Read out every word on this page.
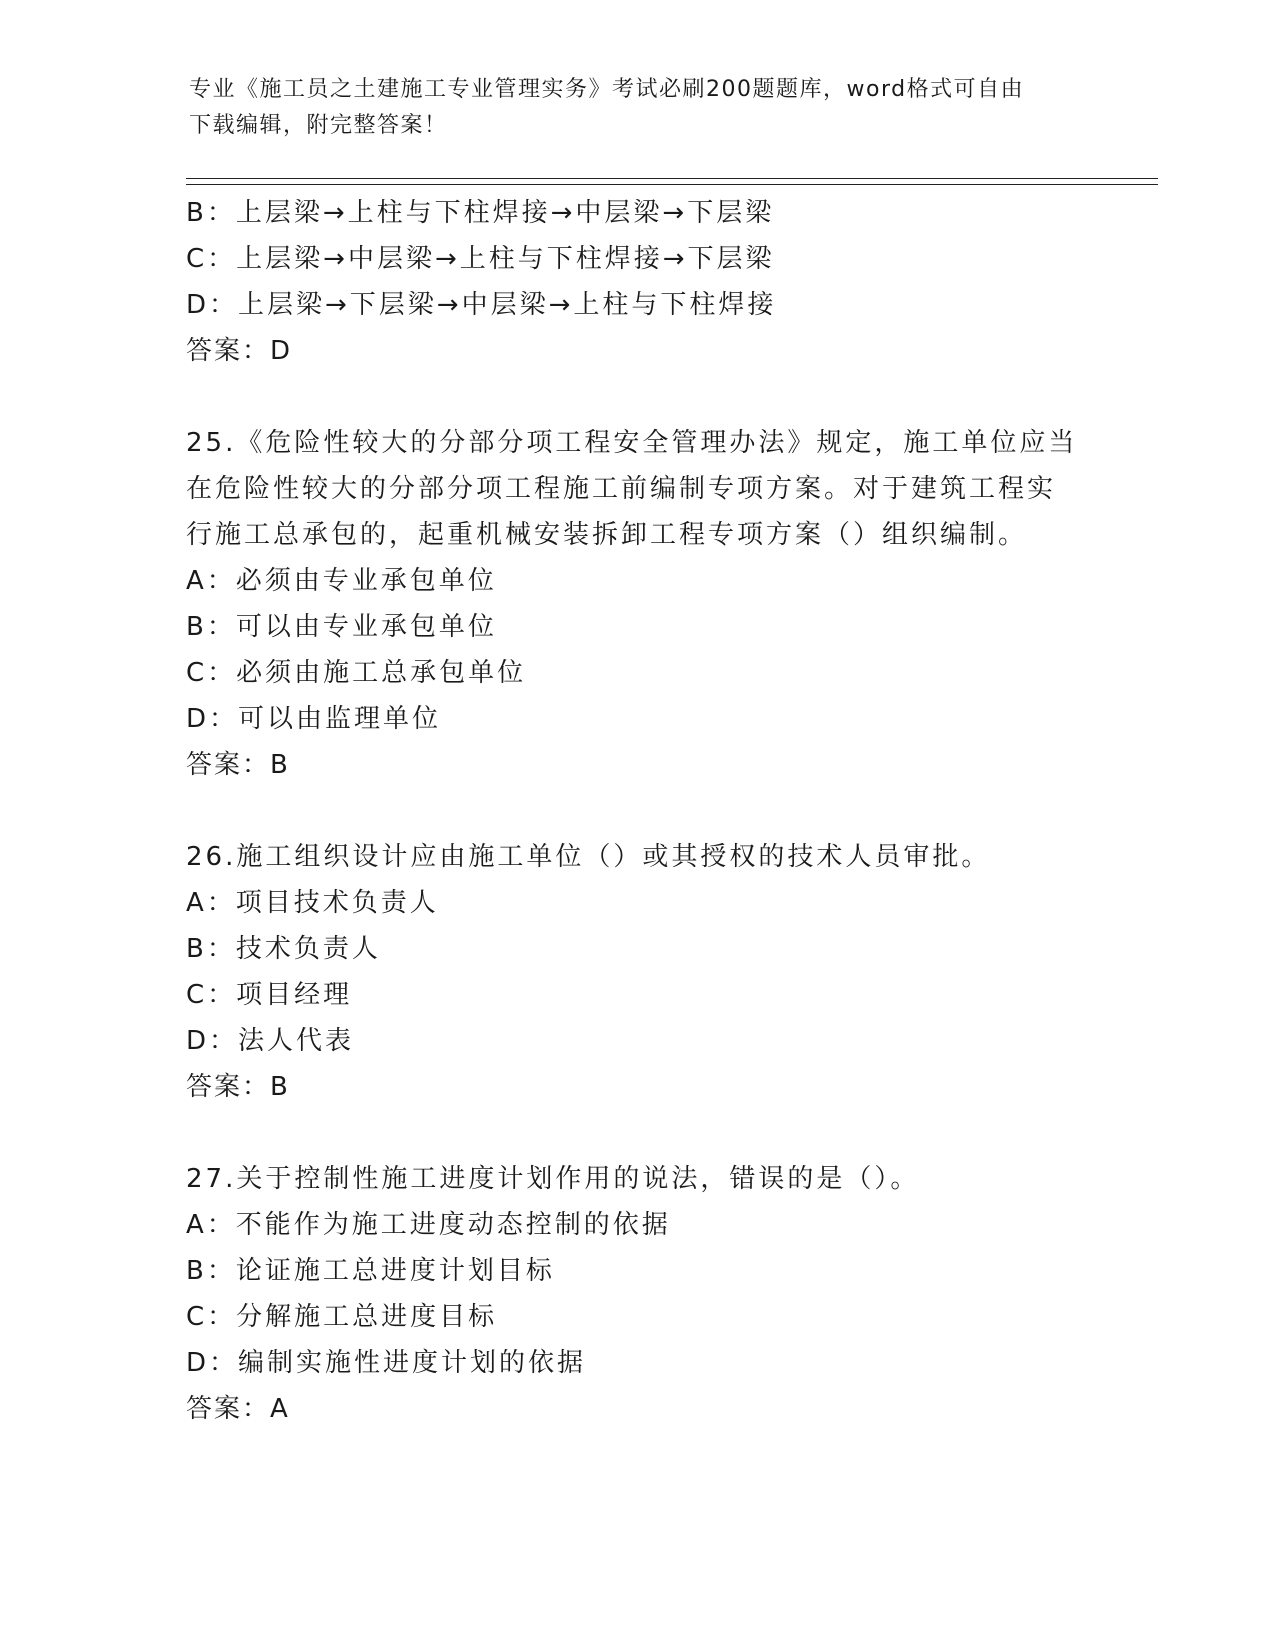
专业《施工员之土建施工专业管理实务》考试必刷200题题库，word格式可自由
下载编辑，附完整答案！
B：上层梁→上柱与下柱焊接→中层梁→下层梁
C：上层梁→中层梁→上柱与下柱焊接→下层梁
D：上层梁→下层梁→中层梁→上柱与下柱焊接
答案：D
25.《危险性较大的分部分项工程安全管理办法》规定，施工单位应当
在危险性较大的分部分项工程施工前编制专项方案。对于建筑工程实
行施工总承包的，起重机械安装拆卸工程专项方案（）组织编制。
A：必须由专业承包单位
B：可以由专业承包单位
C：必须由施工总承包单位
D：可以由监理单位
答案：B
26.施工组织设计应由施工单位（）或其授权的技术人员审批。
A：项目技术负责人
B：技术负责人
C：项目经理
D：法人代表
答案：B
27.关于控制性施工进度计划作用的说法，错误的是（）。
A：不能作为施工进度动态控制的依据
B：论证施工总进度计划目标
C：分解施工总进度目标
D：编制实施性进度计划的依据
答案：A
